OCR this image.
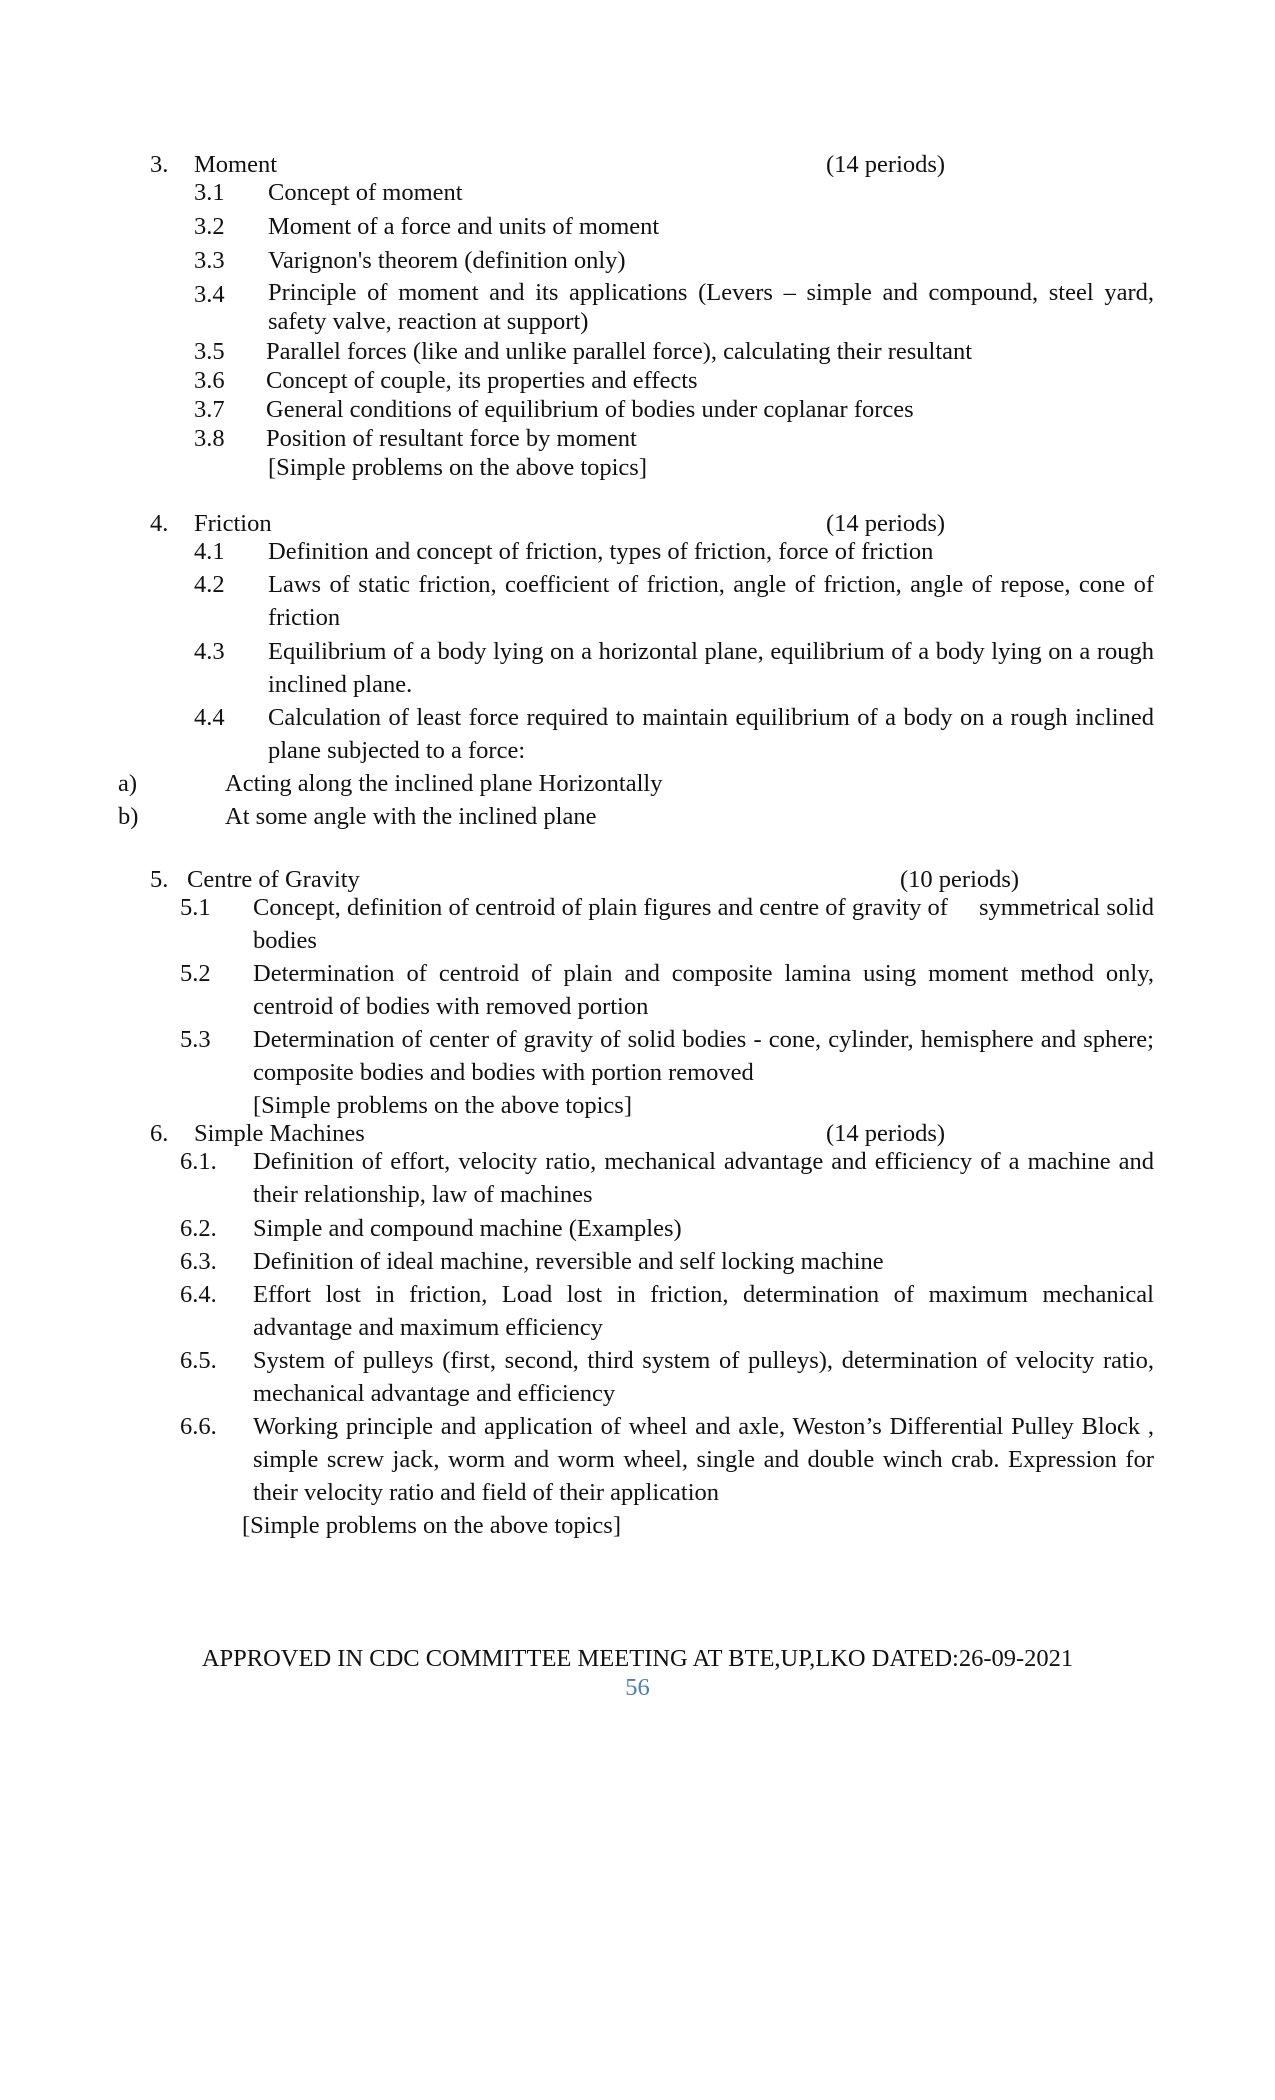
3. Moment	(14 periods)
3.1 Concept of moment
3.2 Moment of a force and units of moment
3.3 Varignon's theorem (definition only)
3.4 Principle of moment and its applications (Levers – simple and compound, steel yard, safety valve, reaction at support)
3.5 Parallel forces (like and unlike parallel force), calculating their resultant
3.6 Concept of couple, its properties and effects
3.7 General conditions of equilibrium of bodies under coplanar forces
3.8 Position of resultant force by moment
[Simple problems on the above topics]
4. Friction	(14 periods)
4.1 Definition and concept of friction, types of friction, force of friction
4.2 Laws of static friction, coefficient of friction, angle of friction, angle of repose, cone of friction
4.3 Equilibrium of a body lying on a horizontal plane, equilibrium of a body lying on a rough inclined plane.
4.4 Calculation of least force required to maintain equilibrium of a body on a rough inclined plane subjected to a force:
a)	Acting along the inclined plane Horizontally
b)	At some angle with the inclined plane
5. Centre of Gravity	(10 periods)
5.1 Concept, definition of centroid of plain figures and centre of gravity of     symmetrical solid bodies
5.2 Determination of centroid of plain and composite lamina using moment method only, centroid of bodies with removed portion
5.3 Determination of center of gravity of solid bodies - cone, cylinder, hemisphere and sphere; composite bodies and bodies with portion removed
[Simple problems on the above topics]
6. Simple Machines	(14 periods)
6.1. Definition of effort, velocity ratio, mechanical advantage and efficiency of a machine and their relationship, law of machines
6.2. Simple and compound machine (Examples)
6.3. Definition of ideal machine, reversible and self locking machine
6.4. Effort lost in friction, Load lost in friction, determination of maximum mechanical advantage and maximum efficiency
6.5. System of pulleys (first, second, third system of pulleys), determination of velocity ratio, mechanical advantage and efficiency
6.6. Working principle and application of wheel and axle, Weston’s Differential Pulley Block , simple screw jack, worm and worm wheel, single and double winch crab. Expression for their velocity ratio and field of their application
[Simple problems on the above topics]
APPROVED IN CDC COMMITTEE MEETING AT BTE,UP,LKO DATED:26-09-2021
56
